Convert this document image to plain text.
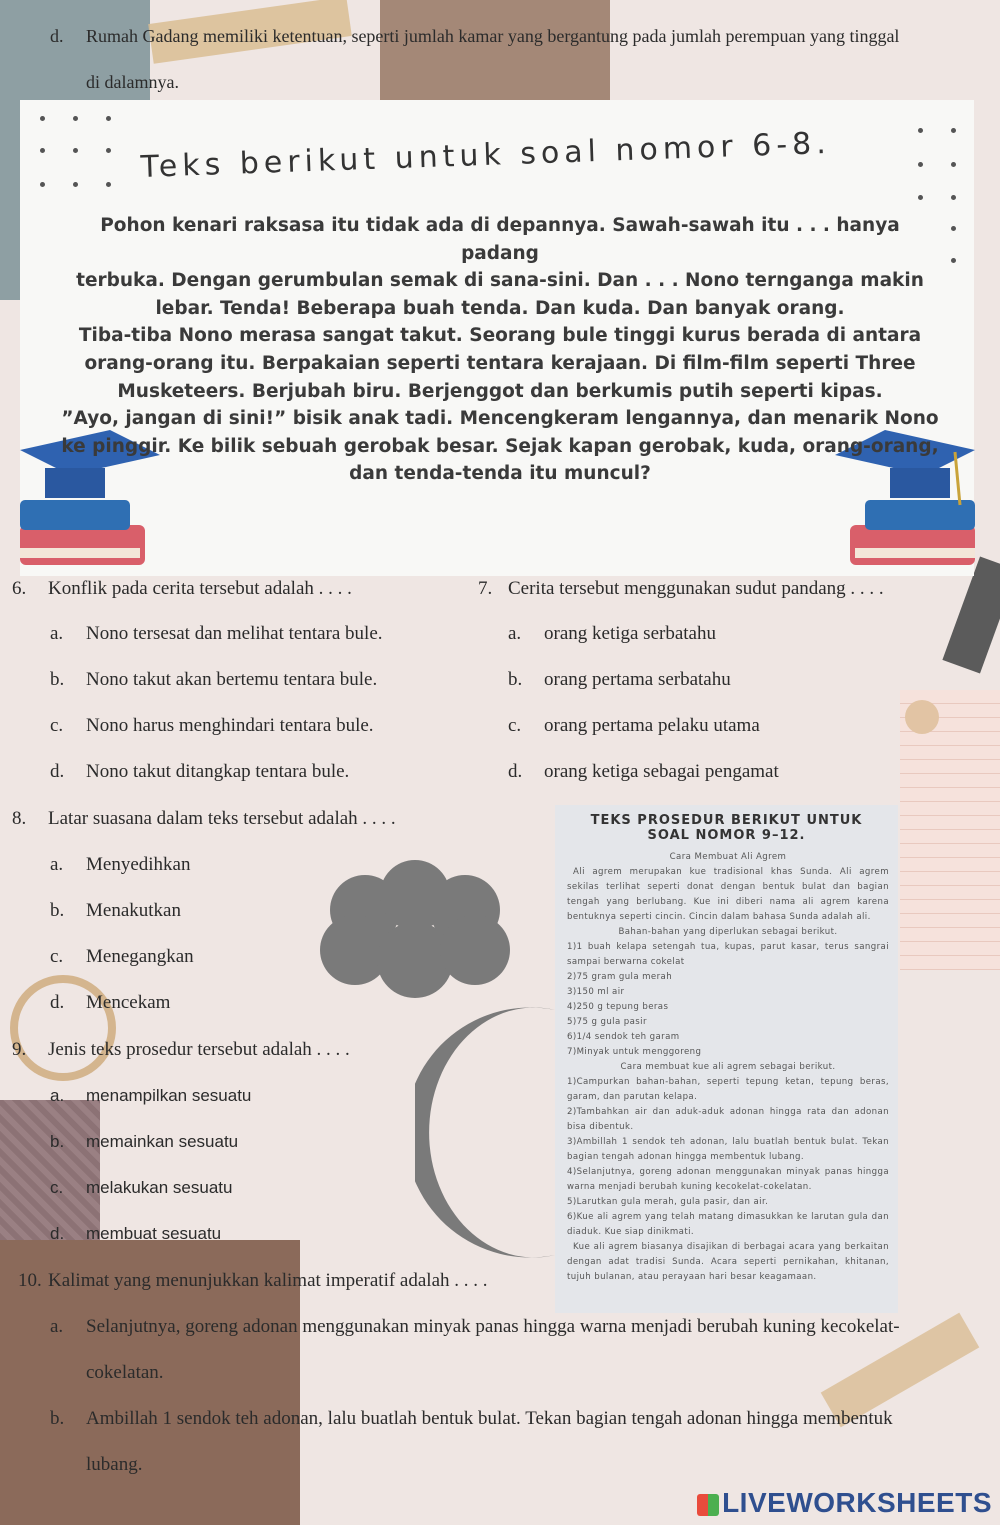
d. Rumah Gadang memiliki ketentuan, seperti jumlah kamar yang bergantung pada jumlah perempuan yang tinggal
di dalamnya.
Teks berikut untuk soal nomor 6-8.

Pohon kenari raksasa itu tidak ada di depannya. Sawah-sawah itu . . . hanya padang

terbuka. Dengan gerumbulan semak di sana-sini. Dan . . . Nono ternganga makin

lebar. Tenda! Beberapa buah tenda. Dan kuda. Dan banyak orang.

Tiba-tiba Nono merasa sangat takut. Seorang bule tinggi kurus berada di antara

orang-orang itu. Berpakaian seperti tentara kerajaan. Di film-film seperti Three

Musketeers. Berjubah biru. Berjenggot dan berkumis putih seperti kipas.

”Ayo, jangan di sini!” bisik anak tadi. Mencengkeram lengannya, dan menarik Nono

ke pinggir. Ke bilik sebuah gerobak besar. Sejak kapan gerobak, kuda, orang-orang,

dan tenda-tenda itu muncul?

6. Konflik pada cerita tersebut adalah . . . .
a. Nono tersesat dan melihat tentara bule.
b. Nono takut akan bertemu tentara bule.
c. Nono harus menghindari tentara bule.
d. Nono takut ditangkap tentara bule.
7. Cerita tersebut menggunakan sudut pandang . . . .
a. orang ketiga serbatahu
b. orang pertama serbatahu
c. orang pertama pelaku utama
d. orang ketiga sebagai pengamat
8. Latar suasana dalam teks tersebut adalah . . . .
a. Menyedihkan
b. Menakutkan
c. Menegangkan
d. Mencekam
9. Jenis teks prosedur tersebut adalah . . . .
a. menampilkan sesuatu
b. memainkan sesuatu
c. melakukan sesuatu
d. membuat sesuatu
TEKS PROSEDUR BERIKUT UNTUK
SOAL NOMOR 9–12.
Cara Membuat Ali Agrem
Ali agrem merupakan kue tradisional khas Sunda. Ali agrem sekilas terlihat seperti donat dengan bentuk bulat dan bagian tengah yang berlubang. Kue ini diberi nama ali agrem karena bentuknya seperti cincin. Cincin dalam bahasa Sunda adalah ali.
Bahan-bahan yang diperlukan sebagai berikut.
1)1 buah kelapa setengah tua, kupas, parut kasar, terus sangrai sampai berwarna cokelat
2)75 gram gula merah
3)150 ml air
4)250 g tepung beras
5)75 g gula pasir
6)1/4 sendok teh garam
7)Minyak untuk menggoreng
Cara membuat kue ali agrem sebagai berikut.
1)Campurkan bahan-bahan, seperti tepung ketan, tepung beras, garam, dan parutan kelapa.
2)Tambahkan air dan aduk-aduk adonan hingga rata dan adonan bisa dibentuk.
3)Ambillah 1 sendok teh adonan, lalu buatlah bentuk bulat. Tekan bagian tengah adonan hingga membentuk lubang.
4)Selanjutnya, goreng adonan menggunakan minyak panas hingga warna menjadi berubah kuning kecokelat-cokelatan.
5)Larutkan gula merah, gula pasir, dan air.
6)Kue ali agrem yang telah matang dimasukkan ke larutan gula dan diaduk. Kue siap dinikmati.
Kue ali agrem biasanya disajikan di berbagai acara yang berkaitan dengan adat tradisi Sunda. Acara seperti pernikahan, khitanan, tujuh bulanan, atau perayaan hari besar keagamaan.
10. Kalimat yang menunjukkan kalimat imperatif adalah . . . .
a. Selanjutnya, goreng adonan menggunakan minyak panas hingga warna menjadi berubah kuning kecokelat-
cokelatan.
b. Ambillah 1 sendok teh adonan, lalu buatlah bentuk bulat. Tekan bagian tengah adonan hingga membentuk
lubang.
LIVEWORKSHEETS
